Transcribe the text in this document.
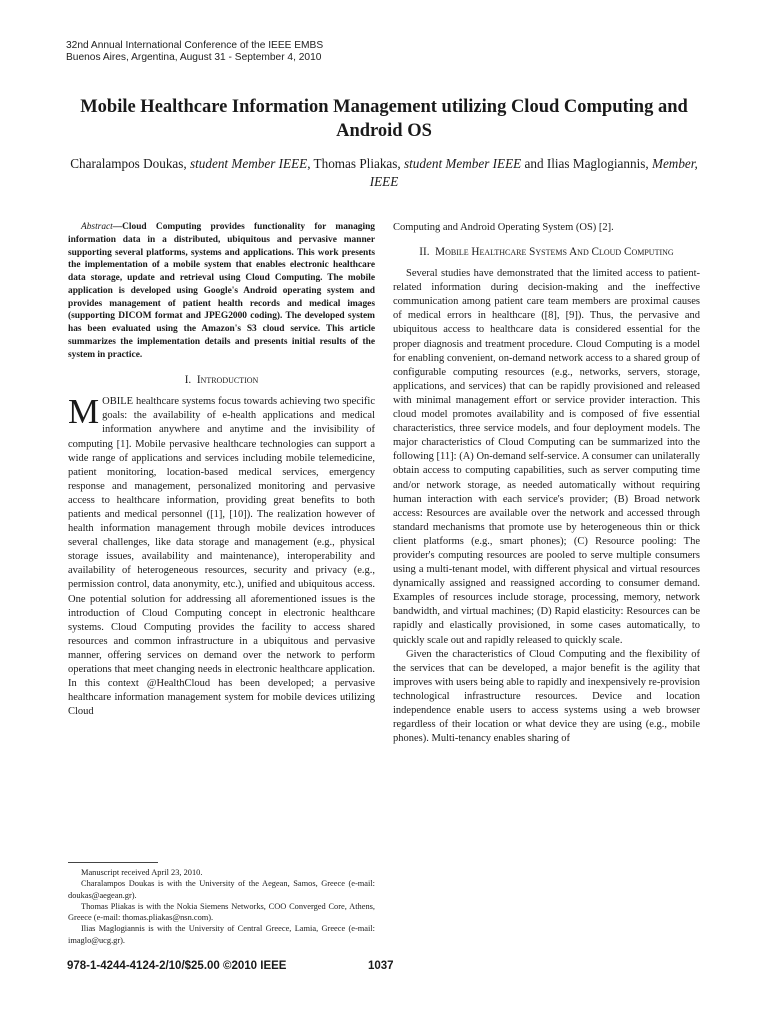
32nd Annual International Conference of the IEEE EMBS
Buenos Aires, Argentina, August 31 - September 4, 2010
Mobile Healthcare Information Management utilizing Cloud Computing and Android OS
Charalampos Doukas, student Member IEEE, Thomas Pliakas, student Member IEEE and Ilias Maglogiannis, Member, IEEE

Abstract—Cloud Computing provides functionality for managing information data in a distributed, ubiquitous and pervasive manner supporting several platforms, systems and applications. This work presents the implementation of a mobile system that enables electronic healthcare data storage, update and retrieval using Cloud Computing. The mobile application is developed using Google's Android operating system and provides management of patient health records and medical images (supporting DICOM format and JPEG2000 coding). The developed system has been evaluated using the Amazon's S3 cloud service. This article summarizes the implementation details and presents initial results of the system in practice.

I. Introduction

MOBILE healthcare systems focus towards achieving two specific goals: the availability of e-health applications and medical information anywhere and anytime and the invisibility of computing [1]. Mobile pervasive healthcare technologies can support a wide range of applications and services including mobile telemedicine, patient monitoring, location-based medical services, emergency response and management, personalized monitoring and pervasive access to healthcare information, providing great benefits to both patients and medical personnel ([1], [10]). The realization however of health information management through mobile devices introduces several challenges, like data storage and management (e.g., physical storage issues, availability and maintenance), interoperability and availability of heterogeneous resources, security and privacy (e.g., permission control, data anonymity, etc.), unified and ubiquitous access. One potential solution for addressing all aforementioned issues is the introduction of Cloud Computing concept in electronic healthcare systems. Cloud Computing provides the facility to access shared resources and common infrastructure in a ubiquitous and pervasive manner, offering services on demand over the network to perform operations that meet changing needs in electronic healthcare application. In this context @HealthCloud has been developed; a pervasive healthcare information management system for mobile devices utilizing Cloud

Manuscript received April 23, 2010.

Charalampos Doukas is with the University of the Aegean, Samos, Greece (e-mail: doukas@aegean.gr).

Thomas Pliakas is with the Nokia Siemens Networks, COO Converged Core, Athens, Greece (e-mail: thomas.pliakas@nsn.com).

Ilias Maglogiannis is with the University of Central Greece, Lamia, Greece (e-mail: imaglo@ucg.gr).

Computing and Android Operating System (OS) [2].

II. Mobile Healthcare Systems And Cloud Computing

Several studies have demonstrated that the limited access to patient-related information during decision-making and the ineffective communication among patient care team members are proximal causes of medical errors in healthcare ([8], [9]). Thus, the pervasive and ubiquitous access to healthcare data is considered essential for the proper diagnosis and treatment procedure. Cloud Computing is a model for enabling convenient, on-demand network access to a shared group of configurable computing resources (e.g., networks, servers, storage, applications, and services) that can be rapidly provisioned and released with minimal management effort or service provider interaction. This cloud model promotes availability and is composed of five essential characteristics, three service models, and four deployment models. The major characteristics of Cloud Computing can be summarized into the following [11]: (A) On-demand self-service. A consumer can unilaterally obtain access to computing capabilities, such as server computing time and/or network storage, as needed automatically without requiring human interaction with each service's provider; (B) Broad network access: Resources are available over the network and accessed through standard mechanisms that promote use by heterogeneous thin or thick client platforms (e.g., smart phones); (C) Resource pooling: The provider's computing resources are pooled to serve multiple consumers using a multi-tenant model, with different physical and virtual resources dynamically assigned and reassigned according to consumer demand. Examples of resources include storage, processing, memory, network bandwidth, and virtual machines; (D) Rapid elasticity: Resources can be rapidly and elastically provisioned, in some cases automatically, to quickly scale out and rapidly released to quickly scale.

Given the characteristics of Cloud Computing and the flexibility of the services that can be developed, a major benefit is the agility that improves with users being able to rapidly and inexpensively re-provision technological infrastructure resources. Device and location independence enable users to access systems using a web browser regardless of their location or what device they are using (e.g., mobile phones). Multi-tenancy enables sharing of

978-1-4244-4124-2/10/$25.00 ©2010 IEEE	1037
